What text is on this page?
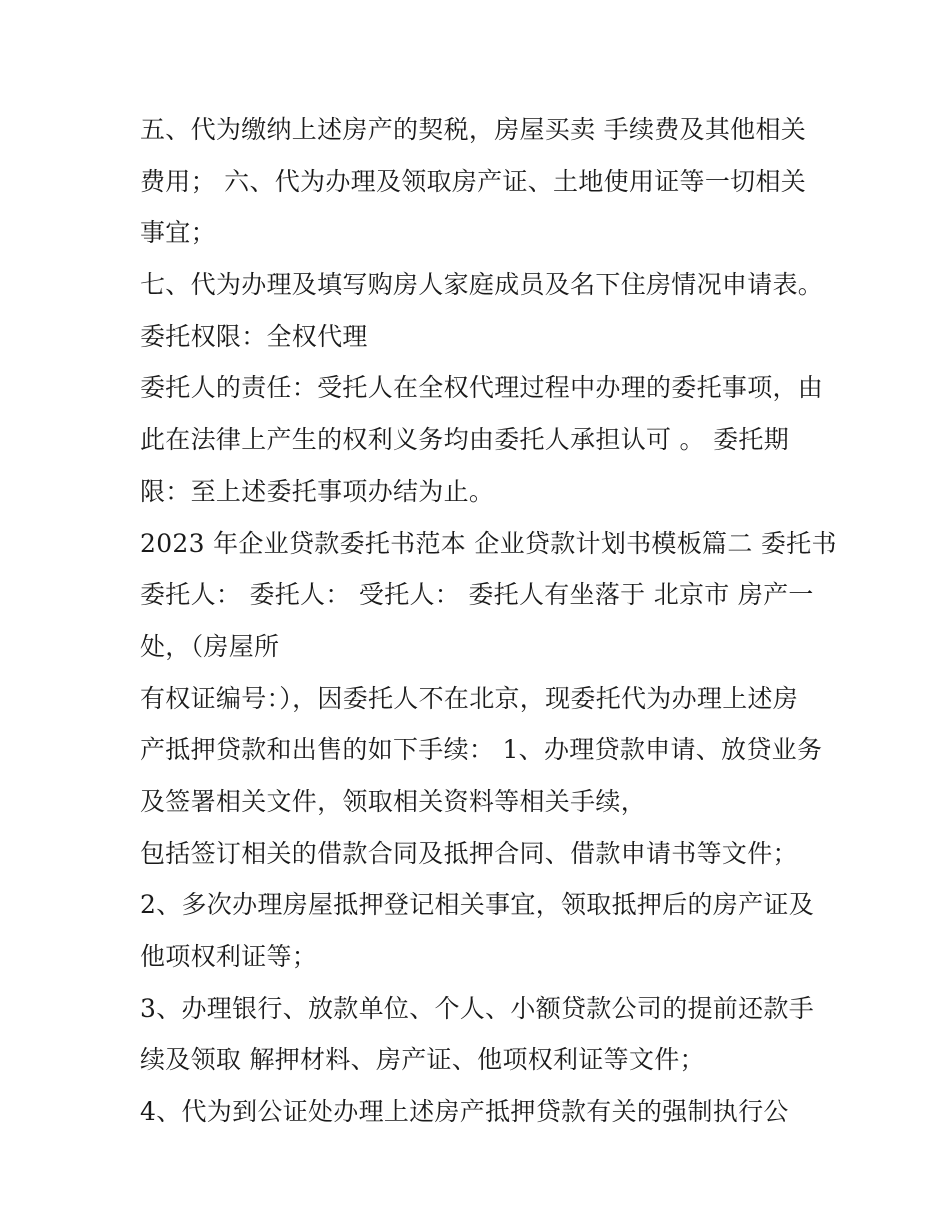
五、代为缴纳上述房产的契税，房屋买卖 手续费及其他相关
费用； 六、代为办理及领取房产证、土地使用证等一切相关
事宜；
七、代为办理及填写购房人家庭成员及名下住房情况申请表。
委托权限：全权代理
委托人的责任：受托人在全权代理过程中办理的委托事项，由
此在法律上产生的权利义务均由委托人承担认可 。 委托期
限：至上述委托事项办结为止。
2023 年企业贷款委托书范本 企业贷款计划书模板篇二 委托书
委托人： 委托人： 受托人： 委托人有坐落于 北京市 房产一
处，（房屋所
有权证编号：），因委托人不在北京，现委托代为办理上述房
产抵押贷款和出售的如下手续： 1、办理贷款申请、放贷业务
及签署相关文件，领取相关资料等相关手续，
包括签订相关的借款合同及抵押合同、借款申请书等文件；
2、多次办理房屋抵押登记相关事宜，领取抵押后的房产证及
他项权利证等；
3、办理银行、放款单位、个人、小额贷款公司的提前还款手
续及领取 解押材料、房产证、他项权利证等文件；
4、代为到公证处办理上述房产抵押贷款有关的强制执行公
